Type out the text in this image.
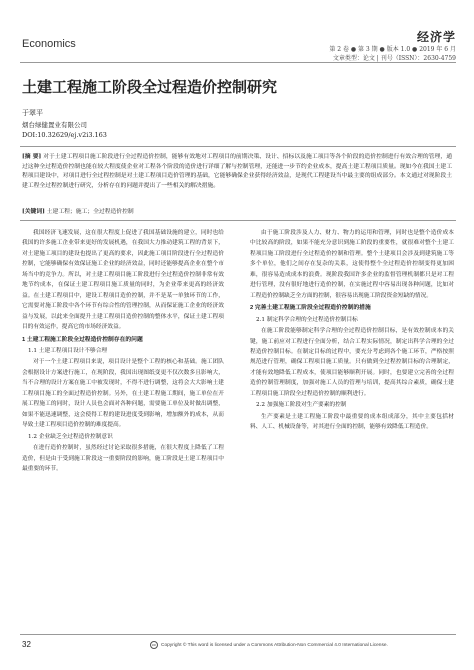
Economics	经济学
第 2 卷 ● 第 3 期 ● 版本 1.0 ● 2019 年 6 月
文章类型：论文 | 刊号（ISSN）：2630-4759
土建工程施工阶段全过程造价控制研究
于翠平
烟台绿健置业有限公司
DOI:10.32629/ej.v2i3.163
[摘 要] 对于土建工程项目施工阶段进行全过程造价控制，能够有效地对工程项目的前期决策、设计、招标以及施工项目等各个阶段的造价控制进行有效合理的管理，通过这种全过程造价控制也能在较大程度使企业对工程各个阶段的造价进行详细了解与控制管理，还能进一步节约企业成本，提高土建工程项目质量。现如今在我国土建工程项目建设中，对项目进行全过程控制是对土建工程项目造价管理的基础，它能够确保企业获得经济效益，是现代工程建设当中最主要的组成部分。本文通过对现阶段土建工程全过程控制进行研究，分析存在的问题并提出了一些相关的解决措施。
[关键词] 土建工程；施工；全过程造价控制

我国经济飞速发展，这在很大程度上促进了我国基础设施的建立，同时也给我国的许多施工企业带来更好的发展机遇，在我国大力推动建筑工程的背景下，对土建施工项目的建设也提出了更高的要求，因此施工项目阶段进行全过程造价控制，它能够确保有效保证施工企业的经济效益，同时还能够提高企业在整个市场当中的竞争力。所以，对土建工程项目施工阶段进行全过程造价控制非常有效地节约成本，在保证土建工程项目施工质量的同时，为企业带来更高的经济效益。在土建工程项目中，建设工程项目造价控制，并不是某一单独环节的工作，它需要对施工阶段中各个环节有综合性的管理控制，从而保证施工企业的经济效益与发展，以此来全面提升土建工程项目造价控制的整体水平，保证土建工程项目的有效运作，提高它的市场经济效益。

1 土建工程施工阶段全过程造价控制存在的问题

1.1 土建工程项目设计不够合理

对于一个土建工程项目来说，项目设计是整个工程的核心和基础。施工团队会根据设计方案进行施工，在现阶段，我国出现图纸变更不仅次数多且影响大，当不合理的设计方案在施工中被发现时，不得不进行调整，这将会大大影响土建工程项目施工的全面过程造价控制。另外，在土建工程施工期间，施工单位在开展工程施工的同时，设计人员也会面对各种问题，需要施工单位及时做出调整，如果不能迅速调整，这会使得工程的建设进度受到影响，增加额外的成本，从而导致土建工程项目造价控制的难度提高。

1.2 企业缺乏全过程造价控制意识

在进行造价控制时，虽然经过讨论采取很多措施，在很大程度上降低了工程造价，但是由于受到施工阶段这一重要阶段的影响，施工阶段是土建工程项目中最重要的环节。

由于施工阶段涉及人力、财力、物力的运用和管理，同时也是整个造价成本中比较高的阶段，如果不能充分意识到施工阶段的重要性，就很难对整个土建工程项目施工阶段进行全过程造价控制和管理。整个土建项目会涉及到建筑施工等多个单位，他们之间存在复杂的关系，这使得整个全过程造价控制变得更加困难，很容易造成成本的浪费。现阶段我国许多企业的监督管理机制都只是对工程进行管理，没有很好地进行造价控制，在实施过程中容易出现各种问题，比如对工程造价控制缺乏全方面的控制，很容易出现施工阶段资金短缺的情况。

2 完善土建工程施工阶段全过程造价控制的措施

2.1 制定科学合理的全过程造价控制目标

在施工阶段能够制定科学合理的全过程造价控制目标，是有效控制成本的关键，施工前应对工程进行全面分析，结合工程实际情况，制定出科学合理的全过程造价控制目标。在制定目标的过程中，要充分考虑到各个施工环节，严格按照规范进行管理，确保工程项目施工质量。只有做到全过程控制目标的合理制定，才能有效地降低工程成本，使项目能够顺利开展。同时，也要建立完善的全过程造价控制管理制度，加强对施工人员的管理与培训，提高其综合素质，确保土建工程项目施工阶段全过程造价控制的顺利进行。

2.2 加强施工阶段对生产要素的控制

生产要素是土建工程施工阶段中最重要的成本组成部分，其中主要包括材料、人工、机械设备等，对其进行全面的控制，能够有效降低工程造价。

32	cc	Copyright © This word is licensed under a Commons Attribution-Non Commercial 4.0 International License.
